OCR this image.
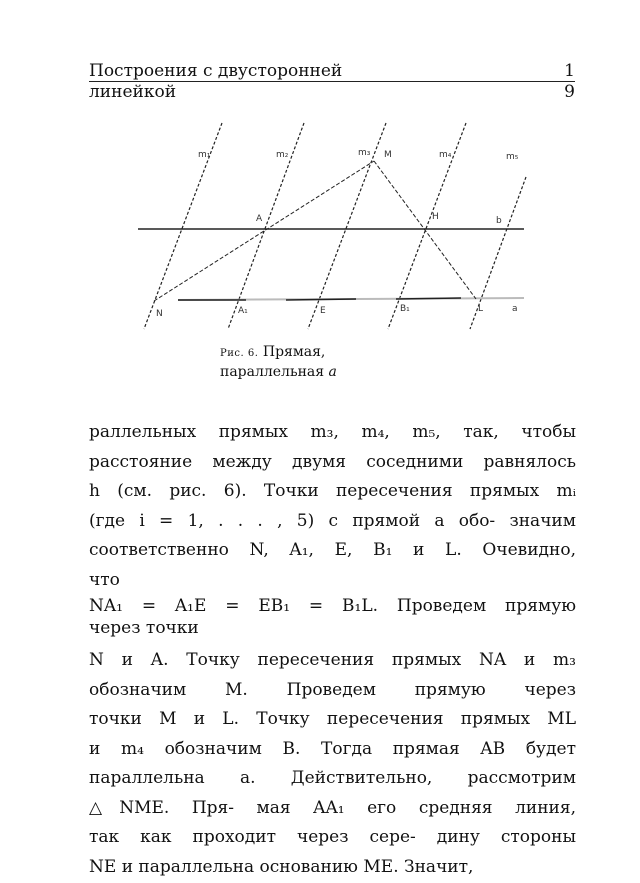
Построения с двусторонней	1
линейкой	9
m₁	m₂	m₃ M	m₄	m₅
A	H	b
N	A₁	E	B₁	L	a
Рис. 6. Прямая,
параллельная a

раллельных прямых m₃, m₄, m₅, так, чтобы

расстояние между двумя соседними равнялось

h (см. рис. 6). Точки пересечения прямых mᵢ

(где i = 1, . . . , 5) с прямой a обо- значим

соответственно N, A₁, E, B₁ и L. Очевидно,

что

NA₁ = A₁E = EB₁ = B₁L. Проведем прямую

через точки

N и A. Точку пересечения прямых NA и m₃

обозначим M. Проведем прямую через

точки M и L. Точку пересечения прямых ML

и m₄ обозначим B. Тогда прямая AB будет

параллельна a. Действительно, рассмотрим

△NME. Пря- мая AA₁ его средняя линия,

так как проходит через сере- дину стороны

NE и параллельна основанию ME. Значит,
